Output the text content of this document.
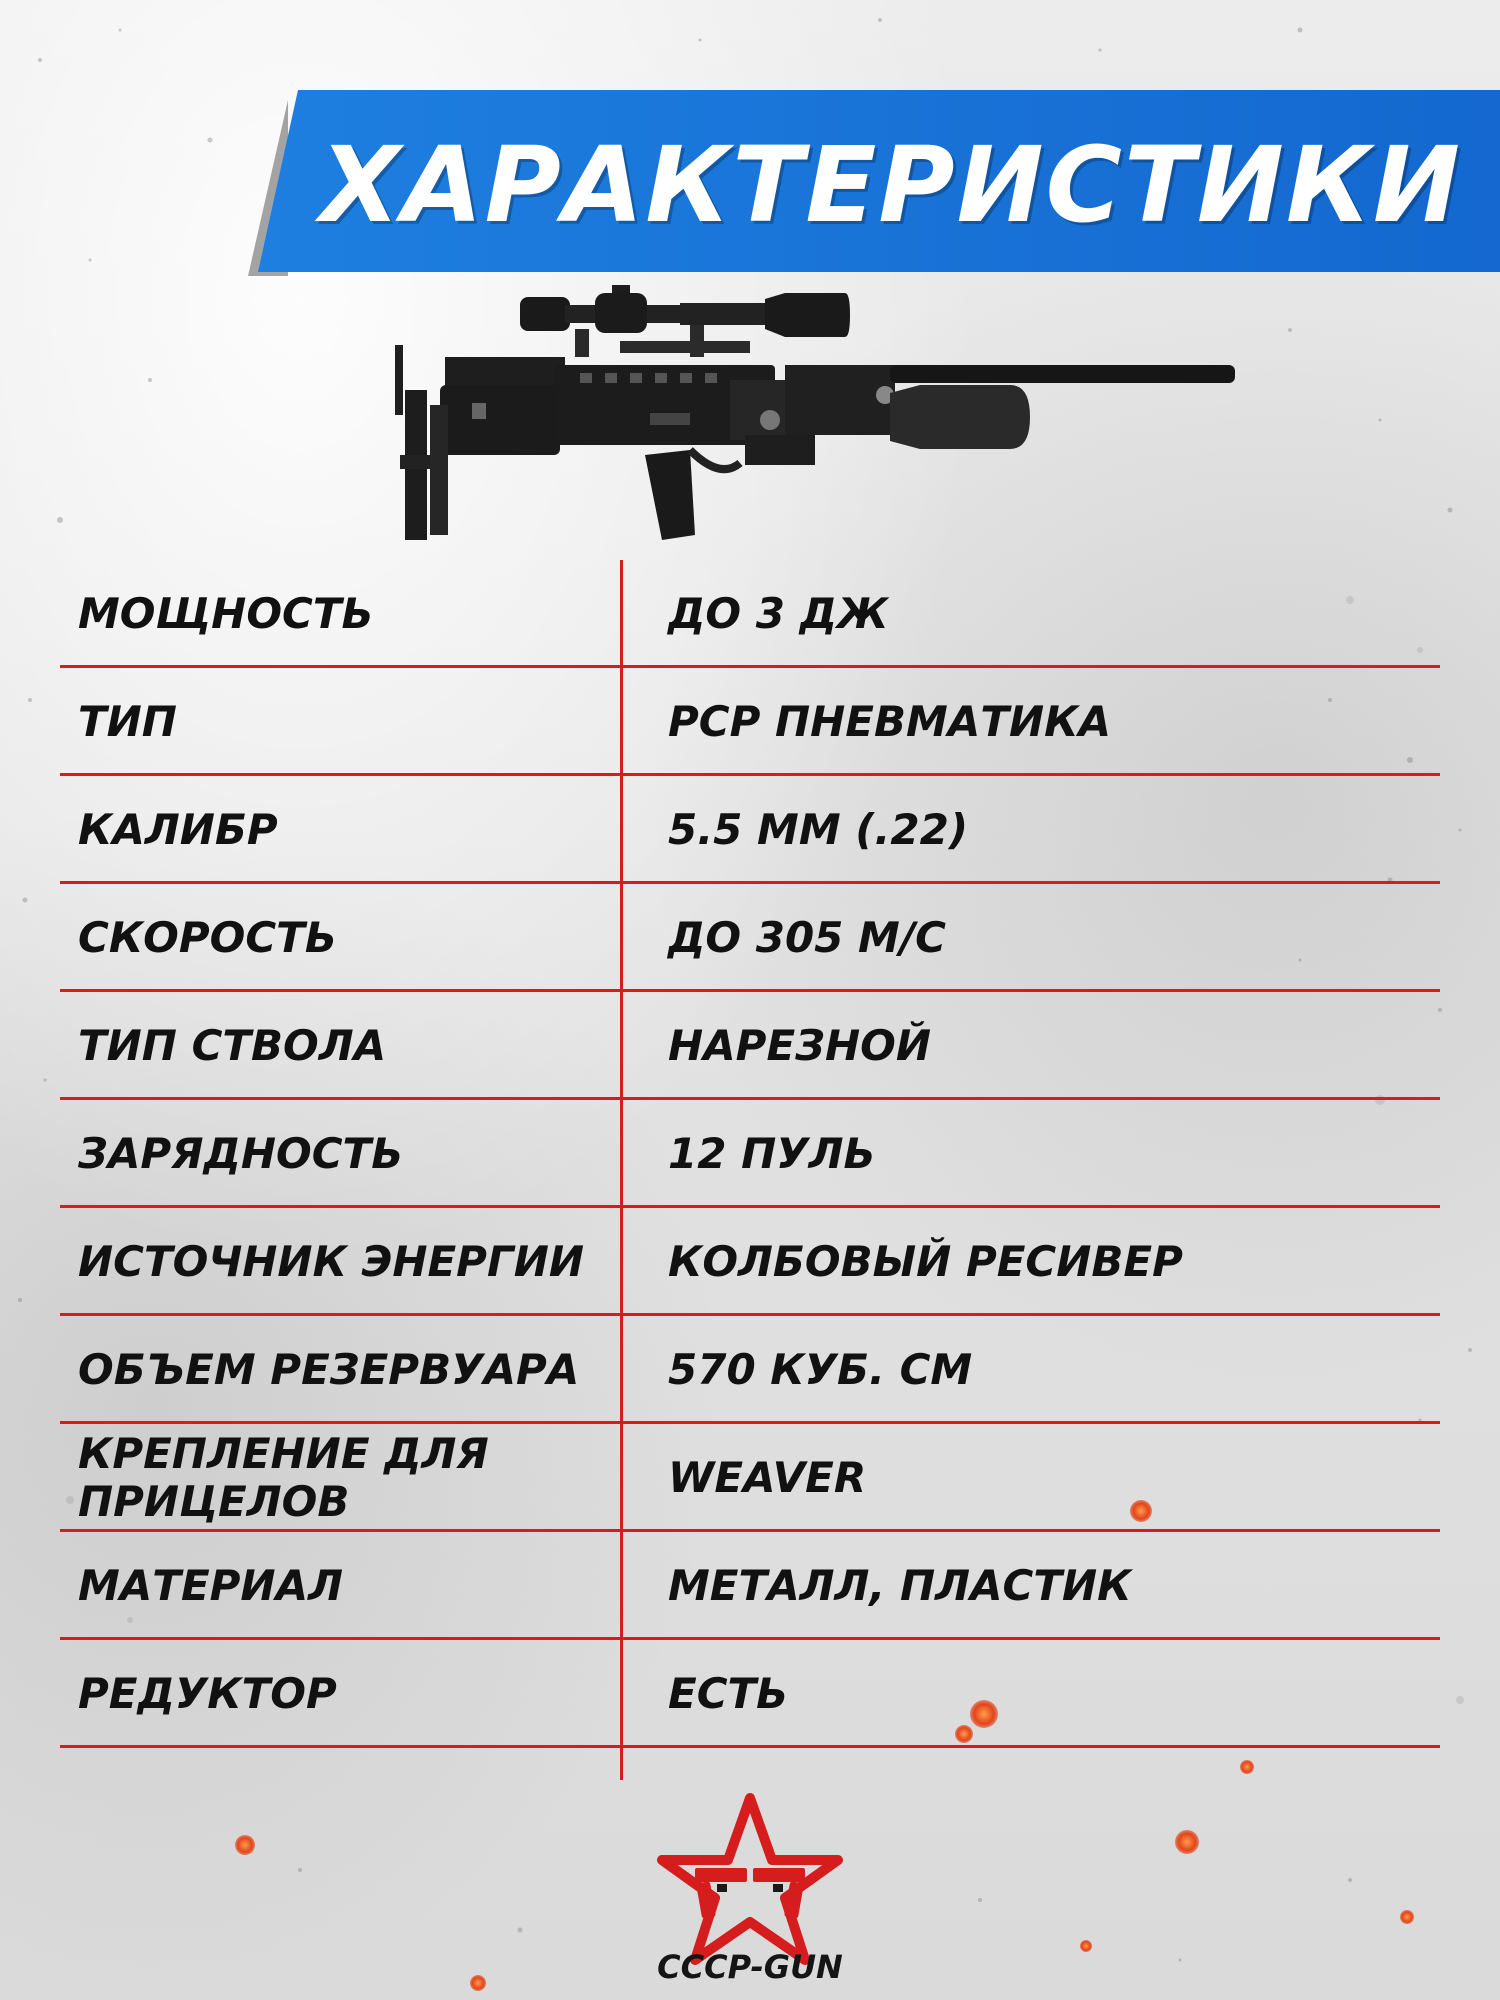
ХАРАКТЕРИСТИКИ
МОЩНОСТЬ	ДО 3 ДЖ
ТИП	PCP ПНЕВМАТИКА
КАЛИБР	5.5 ММ (.22)
СКОРОСТЬ	ДО 305 М/С
ТИП СТВОЛА	НАРЕЗНОЙ
ЗАРЯДНОСТЬ	12 ПУЛЬ
ИСТОЧНИК ЭНЕРГИИ	КОЛБОВЫЙ РЕСИВЕР
ОБЪЕМ РЕЗЕРВУАРА	570 КУБ. СМ
КРЕПЛЕНИЕ ДЛЯ ПРИЦЕЛОВ	WEAVER
МАТЕРИАЛ	МЕТАЛЛ, ПЛАСТИК
РЕДУКТОР	ЕСТЬ
CCCP-GUN
